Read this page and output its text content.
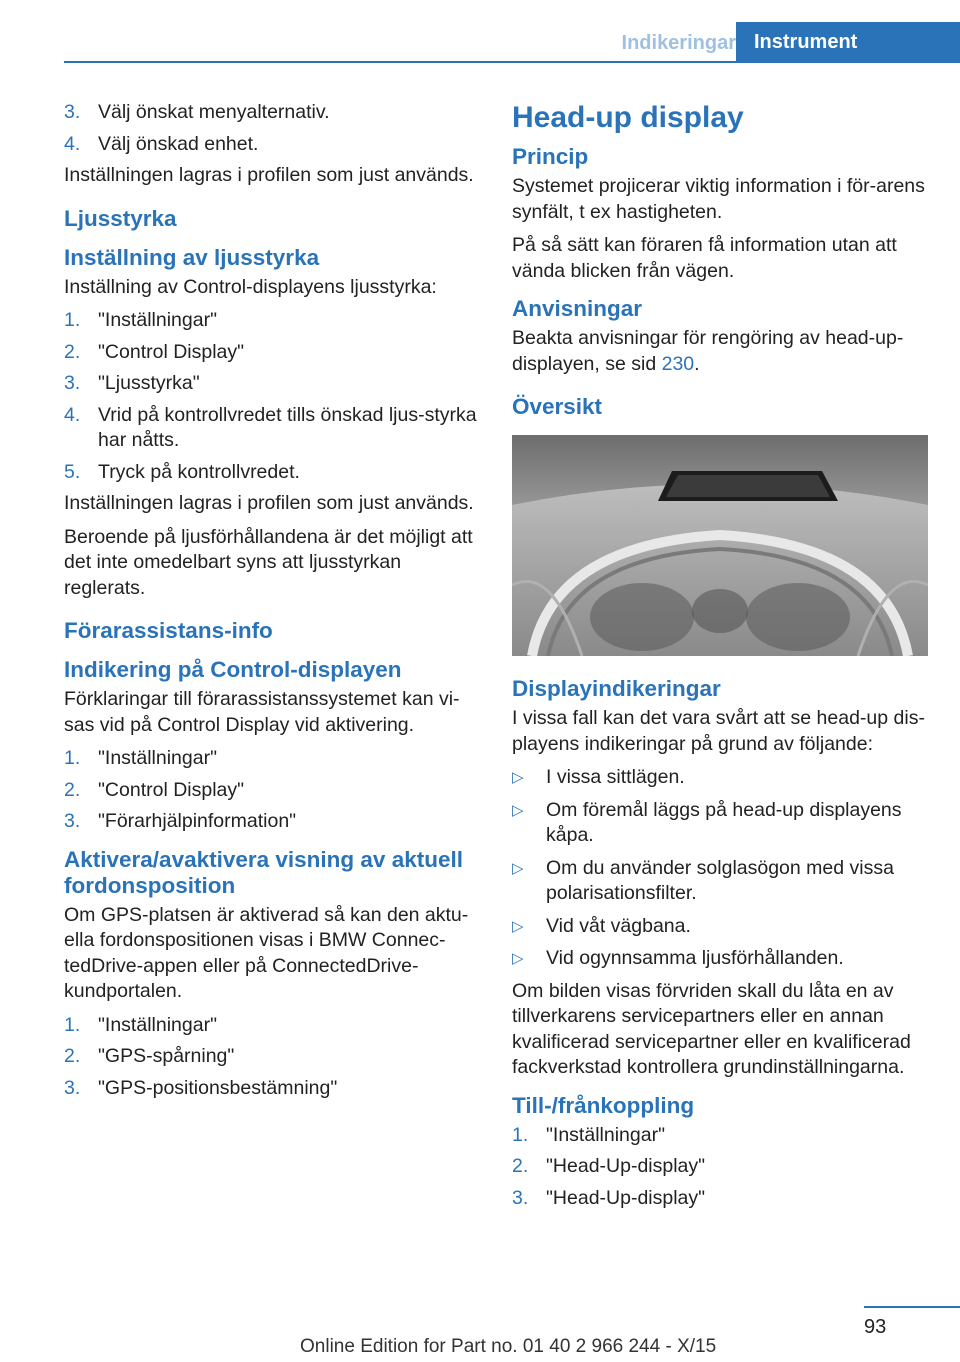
Indikeringar Instrument
3. Välj önskat menyalternativ.
4. Välj önskad enhet.

Inställningen lagras i profilen som just används.

Ljusstyrka
Inställning av ljusstyrka

Inställning av Control-displayens ljusstyrka:

1. "Inställningar"
2. "Control Display"
3. "Ljusstyrka"
4. Vrid på kontrollvredet tills önskad ljus-styrka har nåtts.
5. Tryck på kontrollvredet.

Inställningen lagras i profilen som just används.

Beroende på ljusförhållandena är det möjligt att det inte omedelbart syns att ljusstyrkan reglerats.

Förarassistans-info
Indikering på Control-displayen

Förklaringar till förarassistanssystemet kan vi-sas vid på Control Display vid aktivering.

1. "Inställningar"
2. "Control Display"
3. "Förarhjälpinformation"
Aktivera/avaktivera visning av aktuell fordonsposition

Om GPS-platsen är aktiverad så kan den aktu-ella fordonspositionen visas i BMW Connec-tedDrive-appen eller på ConnectedDrive-kundportalen.

1. "Inställningar"
2. "GPS-spårning"
3. "GPS-positionsbestämning"
Head-up display
Princip

Systemet projicerar viktig information i för-arens synfält, t ex hastigheten.

På så sätt kan föraren få information utan att vända blicken från vägen.

Anvisningar

Beakta anvisningar för rengöring av head-up-displayen, se sid 230.

Översikt
Displayindikeringar

I vissa fall kan det vara svårt att se head-up dis-playens indikeringar på grund av följande:

▷ I vissa sittlägen.
▷ Om föremål läggs på head-up displayens kåpa.
▷ Om du använder solglasögon med vissa polarisationsfilter.
▷ Vid våt vägbana.
▷ Vid ogynnsamma ljusförhållanden.

Om bilden visas förvriden skall du låta en av tillverkarens servicepartners eller en annan kvalificerad servicepartner eller en kvalificerad fackverkstad kontrollera grundinställningarna.

Till-/frånkoppling
1. "Inställningar"
2. "Head-Up-display"
3. "Head-Up-display"
93
Online Edition for Part no. 01 40 2 966 244 - X/15
